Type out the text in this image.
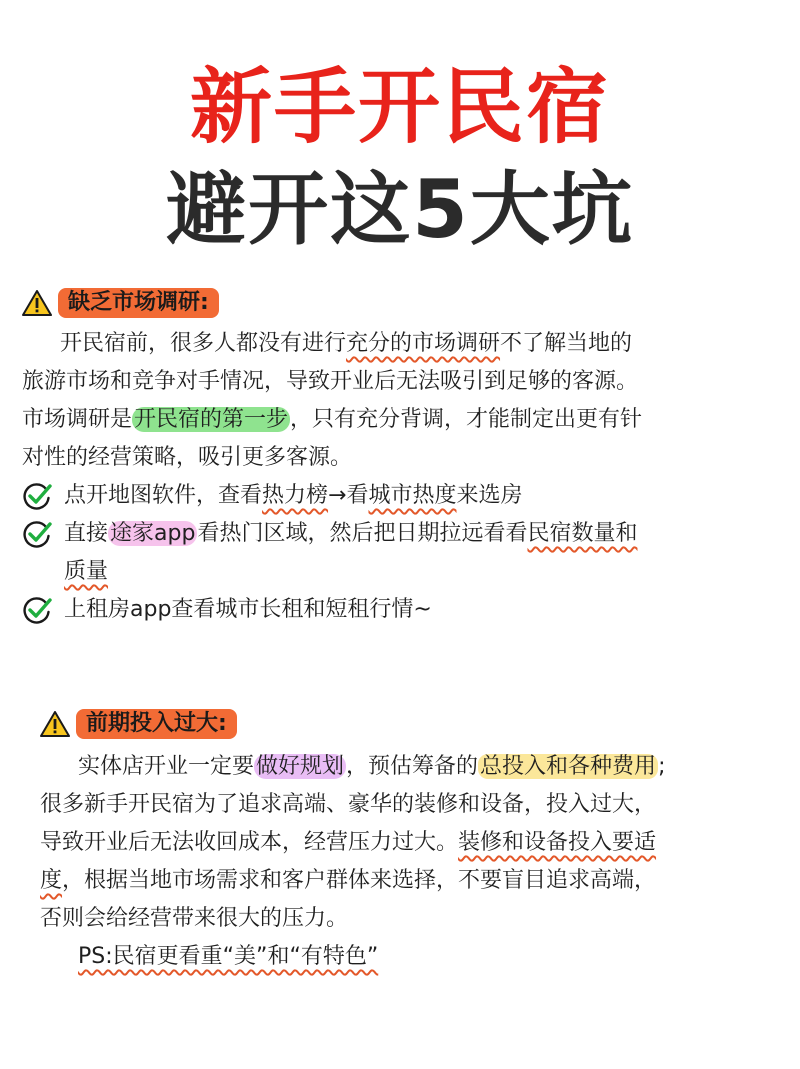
新手开民宿
避开这5大坑
缺乏市场调研:

开民宿前，很多人都没有进行充分的市场调研不了解当地的

旅游市场和竞争对手情况，导致开业后无法吸引到足够的客源。

市场调研是开民宿的第一步，只有充分背调，才能制定出更有针

对性的经营策略，吸引更多客源。

点开地图软件，查看热力榜→看城市热度来选房
直接途家app看热门区域，然后把日期拉远看看民宿数量和
质量
上租房app查看城市长租和短租行情~
前期投入过大:

实体店开业一定要做好规划，预估筹备的总投入和各种费用;

很多新手开民宿为了追求高端、豪华的装修和设备，投入过大，

导致开业后无法收回成本，经营压力过大。装修和设备投入要适

度，根据当地市场需求和客户群体来选择，不要盲目追求高端，

否则会给经营带来很大的压力。

PS:民宿更看重“美”和“有特色”
